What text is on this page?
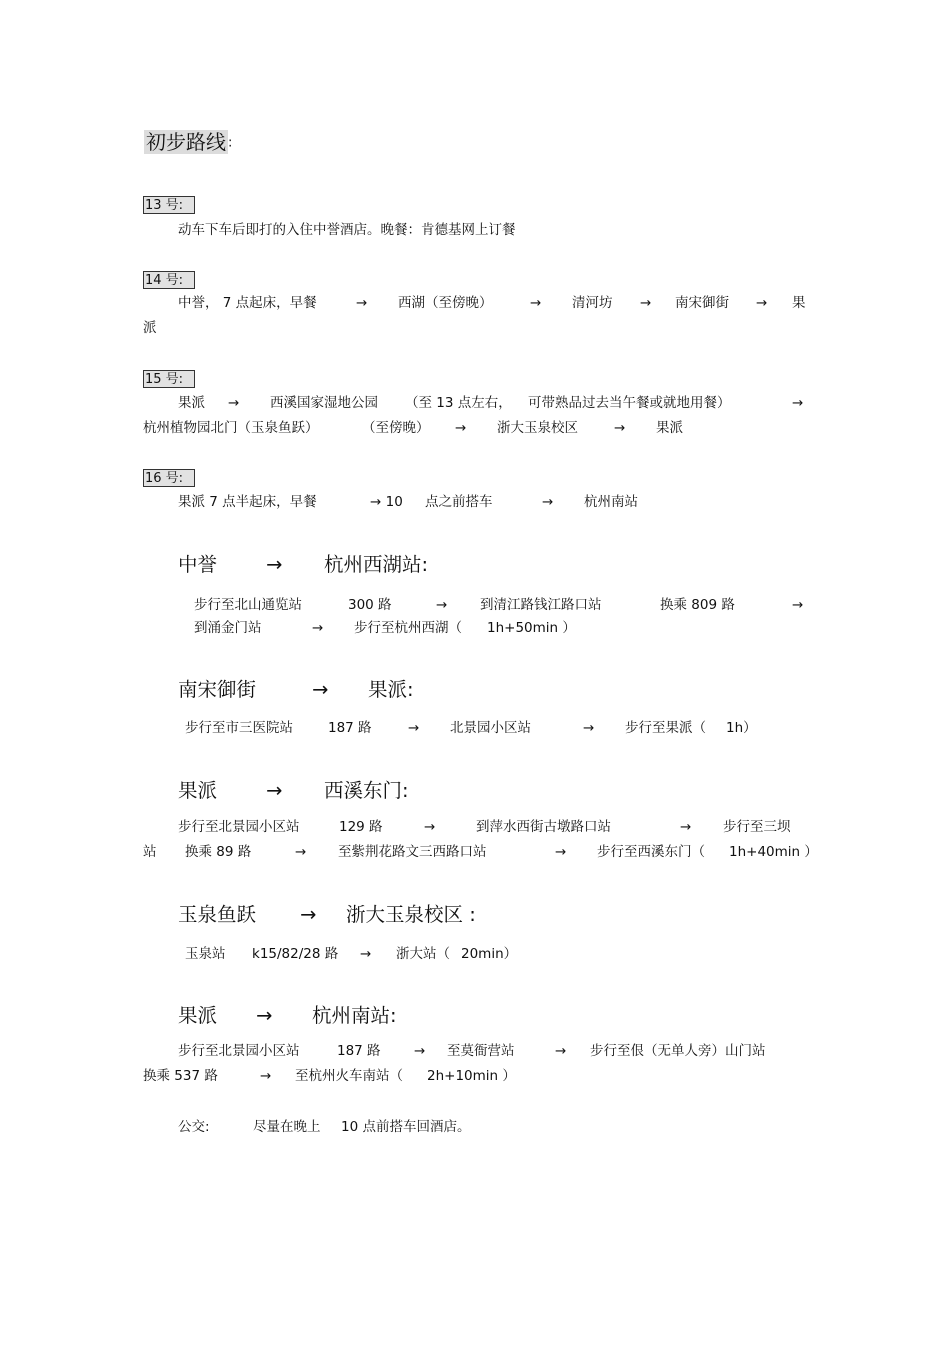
初步路线 :
13 号:
动车下车后即打的入住中誉酒店。晚餐：肯德基网上订餐
14 号:
中誉， 7 点起床，早餐	→ 西湖（至傍晚）	→ 清河坊 → 南宋御街 → 果
派
15 号:
果派 → 西溪国家湿地公园 （至 13 点左右， 可带熟品过去当午餐或就地用餐）	→
杭州植物园北门（玉泉鱼跃）	（至傍晚） → 浙大玉泉校区	→ 果派
16 号:
果派 7 点半起床，早餐	→ 10 点之前搭车	→ 杭州南站
中誉	→ 杭州西湖站:
步行至北山通览站	300 路	→ 到清江路钱江路口站	换乘 809 路	→
到涌金门站	→ 步行至杭州西湖（ 1h+50min ）
南宋御街	→ 果派:
步行至市三医院站	187 路	→ 北景园小区站	→ 步行至果派（ 1h）
果派	→ 西溪东门:
步行至北景园小区站	129 路	→	到萍水西街古墩路口站	→ 步行至三坝
站 换乘 89 路	→ 至紫荆花路文三西路口站	→ 步行至西溪东门（ 1h+40min ）
玉泉鱼跃 → 浙大玉泉校区 :
玉泉站 k15/82/28 路 → 浙大站（ 20min）
果派 → 杭州南站:
步行至北景园小区站	187 路 → 至莫衙营站	→ 步行至佷（无单人旁）山门站
换乘 537 路	→ 至杭州火车南站（ 2h+10min ）
公交:	尽量在晚上 10 点前搭车回酒店。
